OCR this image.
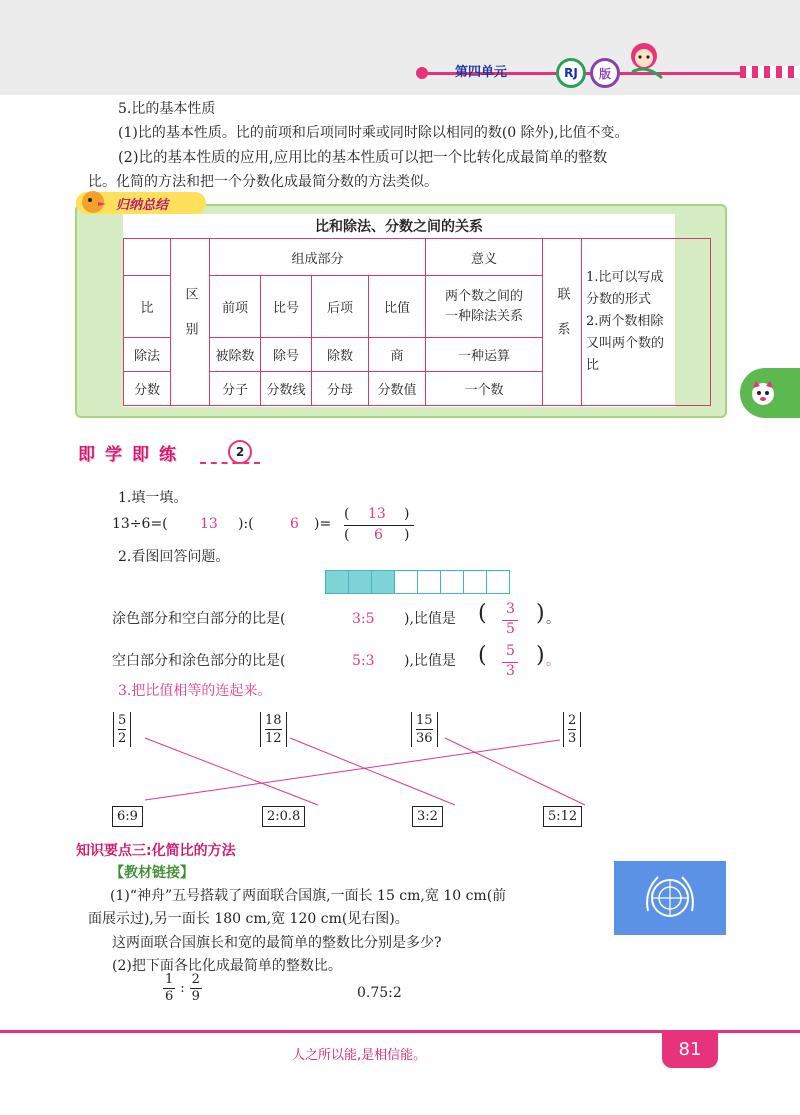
第四单元	RJ	版
5.比的基本性质
(1)比的基本性质。比的前项和后项同时乘或同时除以相同的数(0 除外),比值不变。
(2)比的基本性质的应用,应用比的基本性质可以把一个比转化成最简单的整数
比。化简的方法和把一个分数化成最简分数的方法类似。
归纳总结
比和除法、分数之间的关系

	区别	组成部分				意义	联系	1.比可以写成
分数的形式
2.两个数相除
又叫两个数的
比

比		前项	比号	后项	比值	两个数之间的
一种除法关系		

除法		被除数	除号	除数	商	一种运算		
分数		分子	分数线	分母	分数值	一个数		
即学即练	2
1.填一填。
13÷6=( 13 ):(	6 )=
( 13 )
( 6 )
2.看图回答问题。
涂色部分和空白部分的比是(	3:5 ),比值是 ( 3
5
) 。
空白部分和涂色部分的比是(	5:3 ),比值是 ( 5
3
) 。
3.把比值相等的连起来。
$\frac{5}{2}$	$\frac{18}{12}$	$\frac{15}{36}$	$\frac{2}{3}$
6:9	2:0.8	3:2	5:12
知识要点三:化简比的方法
【教材链接】
(1)“神舟”五号搭载了两面联合国旗,一面长 15 cm,宽 10 cm(前
面展示过),另一面长 180 cm,宽 120 cm(见右图)。
这两面联合国旗长和宽的最简单的整数比分别是多少?
(2)把下面各比化成最简单的整数比。
$\frac{1}{6}$ : $\frac{2}{9}$	0.75:2
人之所以能,是相信能。	81
